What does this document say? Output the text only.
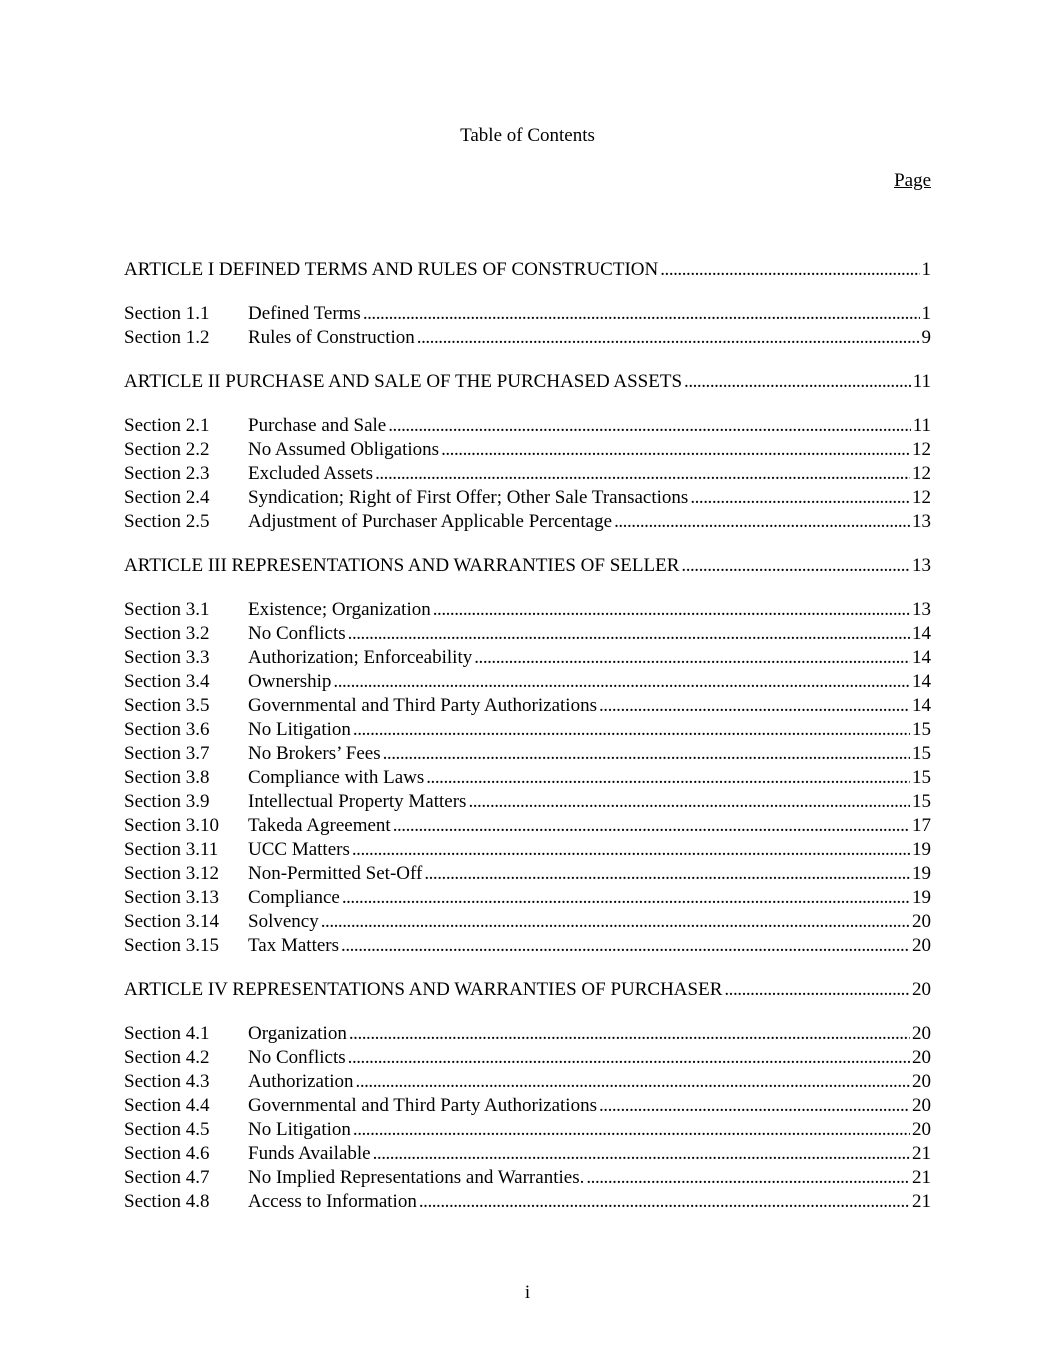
Table of Contents
Page
ARTICLE I DEFINED TERMS AND RULES OF CONSTRUCTION . . .	1
Section 1.1	Defined Terms . . .	1
Section 1.2	Rules of Construction . . .	9
ARTICLE II PURCHASE AND SALE OF THE PURCHASED ASSETS . . .	11
Section 2.1	Purchase and Sale . . .	11
Section 2.2	No Assumed Obligations . . .	12
Section 2.3	Excluded Assets . . .	12
Section 2.4	Syndication; Right of First Offer; Other Sale Transactions . . .	12
Section 2.5	Adjustment of Purchaser Applicable Percentage . . .	13
ARTICLE III REPRESENTATIONS AND WARRANTIES OF SELLER . . .	13
Section 3.1	Existence; Organization . . .	13
Section 3.2	No Conflicts . . .	14
Section 3.3	Authorization; Enforceability . . .	14
Section 3.4	Ownership . . .	14
Section 3.5	Governmental and Third Party Authorizations . . .	14
Section 3.6	No Litigation . . .	15
Section 3.7	No Brokers’ Fees . . .	15
Section 3.8	Compliance with Laws . . .	15
Section 3.9	Intellectual Property Matters . . .	15
Section 3.10	Takeda Agreement . . .	17
Section 3.11	UCC Matters . . .	19
Section 3.12	Non-Permitted Set-Off . . .	19
Section 3.13	Compliance . . .	19
Section 3.14	Solvency . . .	20
Section 3.15	Tax Matters . . .	20
ARTICLE IV REPRESENTATIONS AND WARRANTIES OF PURCHASER . . .	20
Section 4.1	Organization . . .	20
Section 4.2	No Conflicts . . .	20
Section 4.3	Authorization . . .	20
Section 4.4	Governmental and Third Party Authorizations . . .	20
Section 4.5	No Litigation . . .	20
Section 4.6	Funds Available . . .	21
Section 4.7	No Implied Representations and Warranties. . . .	21
Section 4.8	Access to Information . . .	21
i
